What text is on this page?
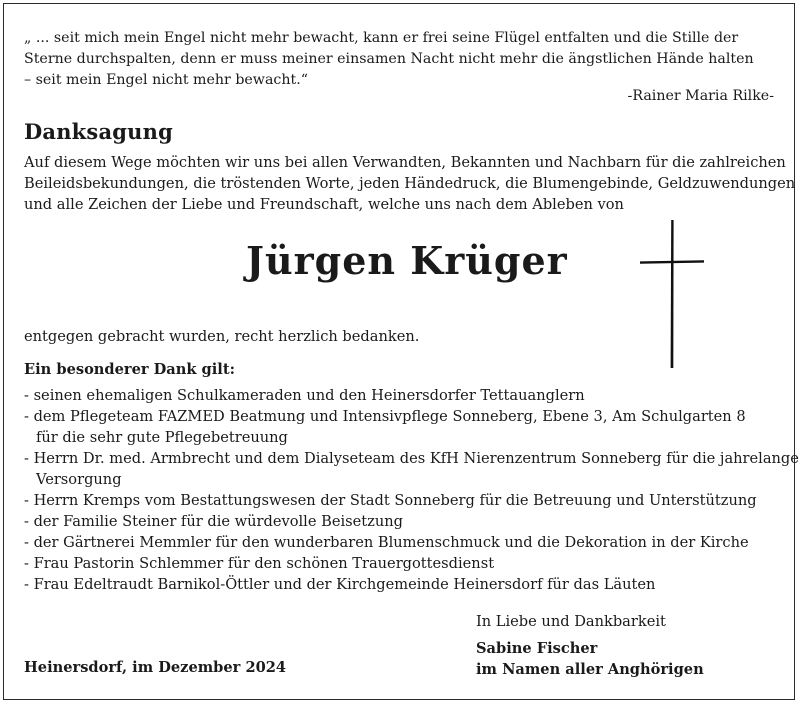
„ ... seit mich mein Engel nicht mehr bewacht, kann er frei seine Flügel entfalten und die Stille der
Sterne durchspalten, denn er muss meiner einsamen Nacht nicht mehr die ängstlichen Hände halten
– seit mein Engel nicht mehr bewacht.“
-Rainer Maria Rilke-
Danksagung
Auf diesem Wege möchten wir uns bei allen Verwandten, Bekannten und Nachbarn für die zahlreichen
Beileidsbekundungen, die tröstenden Worte, jeden Händedruck, die Blumengebinde, Geldzuwendungen
und alle Zeichen der Liebe und Freundschaft, welche uns nach dem Ableben von
Jürgen Krüger
entgegen gebracht wurden, recht herzlich bedanken.
Ein besonderer Dank gilt:
- seinen ehemaligen Schulkameraden und den Heinersdorfer Tettauanglern
- dem Pflegeteam FAZMED Beatmung und Intensivpflege Sonneberg, Ebene 3, Am Schulgarten 8
für die sehr gute Pflegebetreuung
- Herrn Dr. med. Armbrecht und dem Dialyseteam des KfH Nierenzentrum Sonneberg für die jahrelange
Versorgung
- Herrn Kremps vom Bestattungswesen der Stadt Sonneberg für die Betreuung und Unterstützung
- der Familie Steiner für die würdevolle Beisetzung
- der Gärtnerei Memmler für den wunderbaren Blumenschmuck und die Dekoration in der Kirche
- Frau Pastorin Schlemmer für den schönen Trauergottesdienst
- Frau Edeltraudt Barnikol-Öttler und der Kirchgemeinde Heinersdorf für das Läuten
In Liebe und Dankbarkeit
Sabine Fischer
im Namen aller Anghörigen
Heinersdorf, im Dezember 2024
